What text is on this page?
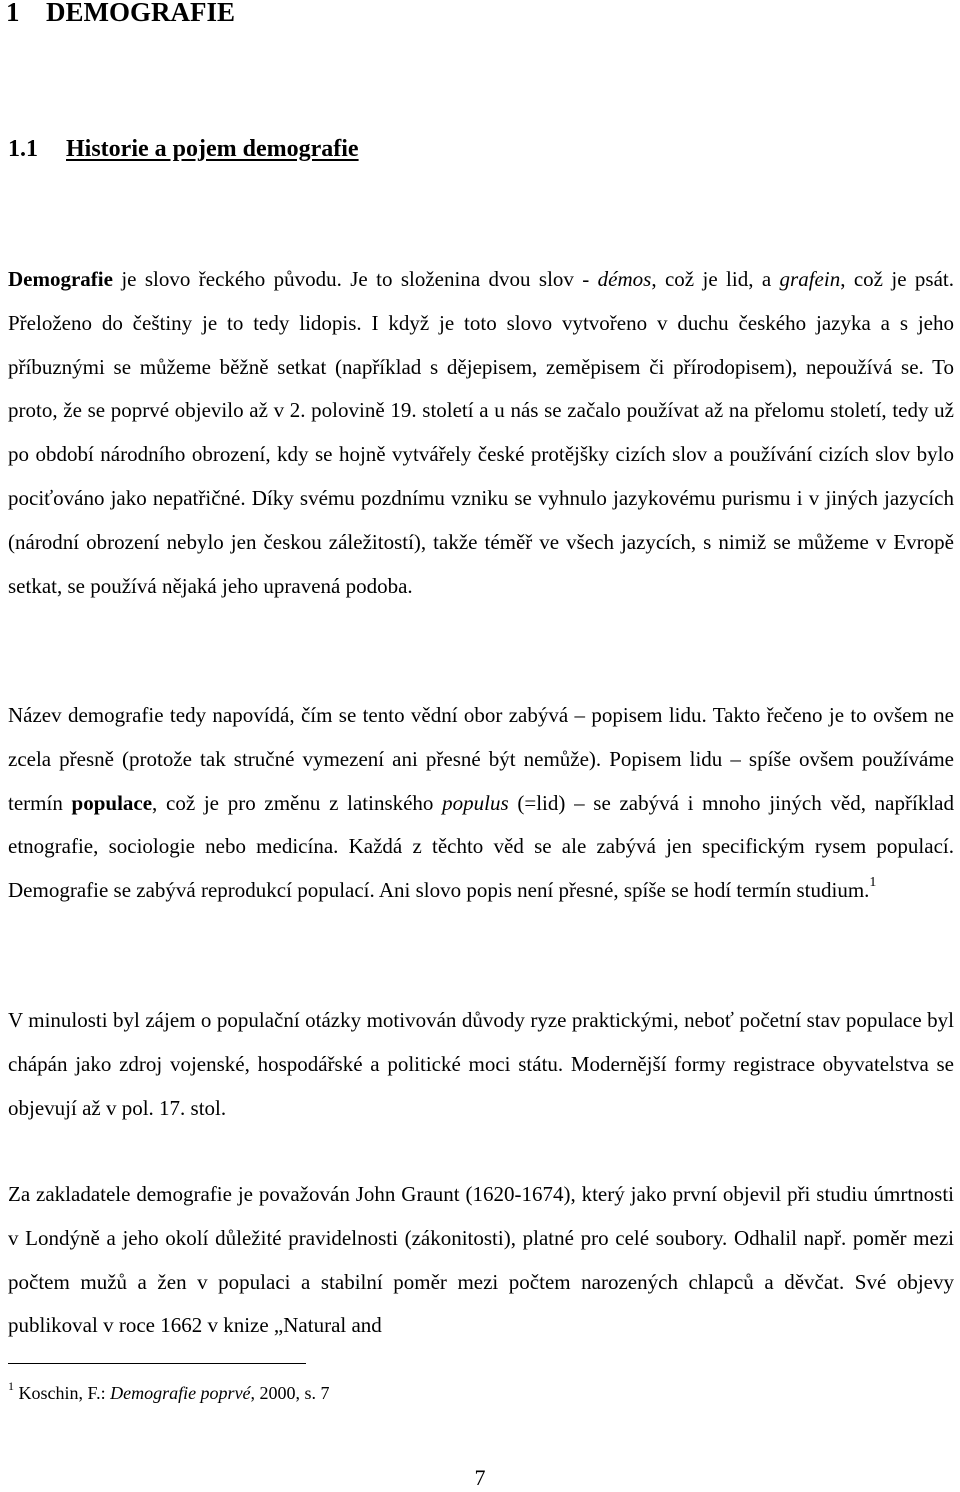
1 DEMOGRAFIE
1.1 Historie a pojem demografie

Demografie je slovo řeckého původu. Je to složenina dvou slov - démos, což je lid, a grafein, což je psát. Přeloženo do češtiny je to tedy lidopis. I když je toto slovo vytvořeno v duchu českého jazyka a s jeho příbuznými se můžeme běžně setkat (například s dějepisem, zeměpisem či přírodopisem), nepoužívá se. To proto, že se poprvé objevilo až v 2. polovině 19. století a u nás se začalo používat až na přelomu století, tedy už po období národního obrození, kdy se hojně vytvářely české protějšky cizích slov a používání cizích slov bylo pociťováno jako nepatřičné. Díky svému pozdnímu vzniku se vyhnulo jazykovému purismu i v jiných jazycích (národní obrození nebylo jen českou záležitostí), takže téměř ve všech jazycích, s nimiž se můžeme v Evropě setkat, se používá nějaká jeho upravená podoba.

Název demografie tedy napovídá, čím se tento vědní obor zabývá – popisem lidu. Takto řečeno je to ovšem ne zcela přesně (protože tak stručné vymezení ani přesné být nemůže). Popisem lidu – spíše ovšem používáme termín populace, což je pro změnu z latinského populus (=lid) – se zabývá i mnoho jiných věd, například etnografie, sociologie nebo medicína. Každá z těchto věd se ale zabývá jen specifickým rysem populací. Demografie se zabývá reprodukcí populací. Ani slovo popis není přesné, spíše se hodí termín studium.$^1$

V minulosti byl zájem o populační otázky motivován důvody ryze praktickými, neboť početní stav populace byl chápán jako zdroj vojenské, hospodářské a politické moci státu. Modernější formy registrace obyvatelstva se objevují až v pol. 17. stol.

Za zakladatele demografie je považován John Graunt (1620-1674), který jako první objevil při studiu úmrtnosti v Londýně a jeho okolí důležité pravidelnosti (zákonitosti), platné pro celé soubory. Odhalil např. poměr mezi počtem mužů a žen v populaci a stabilní poměr mezi počtem narozených chlapců a děvčat. Své objevy publikoval v roce 1662 v knize „Natural and

$^1$ Koschin, F.: Demografie poprvé, 2000, s. 7
7
